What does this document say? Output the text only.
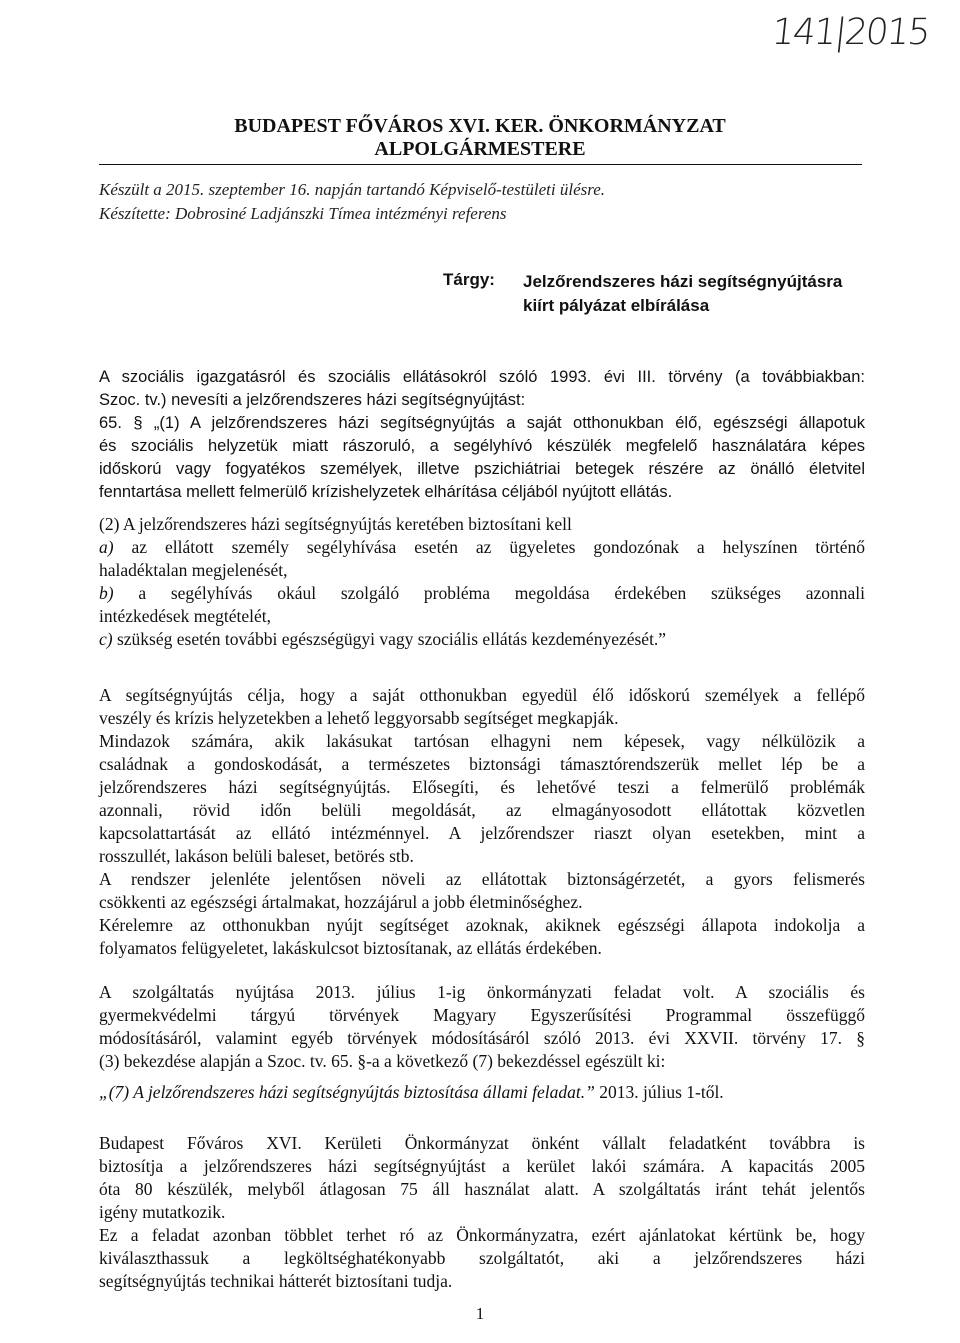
141|2015
BUDAPEST FŐVÁROS XVI. KER. ÖNKORMÁNYZAT
ALPOLGÁRMESTERE
Készült a 2015. szeptember 16. napján tartandó Képviselő-testületi ülésre.
Készítette: Dobrosiné Ladjánszki Tímea intézményi referens
Tárgy: Jelzőrendszeres házi segítségnyújtásra
kiírt pályázat elbírálása
A szociális igazgatásról és szociális ellátásokról szóló 1993. évi III. törvény (a továbbiakban:
Szoc. tv.) nevesíti a jelzőrendszeres házi segítségnyújtást:
65. § „(1) A jelzőrendszeres házi segítségnyújtás a saját otthonukban élő, egészségi állapotuk
és szociális helyzetük miatt rászoruló, a segélyhívó készülék megfelelő használatára képes
időskorú vagy fogyatékos személyek, illetve pszichiátriai betegek részére az önálló életvitel
fenntartása mellett felmerülő krízishelyzetek elhárítása céljából nyújtott ellátás.
(2) A jelzőrendszeres házi segítségnyújtás keretében biztosítani kell
a) az ellátott személy segélyhívása esetén az ügyeletes gondozónak a helyszínen történő
haladéktalan megjelenését,
b) a segélyhívás okául szolgáló probléma megoldása érdekében szükséges azonnali
intézkedések megtételét,
c) szükség esetén további egészségügyi vagy szociális ellátás kezdeményezését.”
A segítségnyújtás célja, hogy a saját otthonukban egyedül élő időskorú személyek a fellépő
veszély és krízis helyzetekben a lehető leggyorsabb segítséget megkapják.
Mindazok számára, akik lakásukat tartósan elhagyni nem képesek, vagy nélkülözik a
családnak a gondoskodását, a természetes biztonsági támasztórendszerük mellet lép be a
jelzőrendszeres házi segítségnyújtás. Elősegíti, és lehetővé teszi a felmerülő problémák
azonnali, rövid időn belüli megoldását, az elmagányosodott ellátottak közvetlen
kapcsolattartását az ellátó intézménnyel. A jelzőrendszer riaszt olyan esetekben, mint a
rosszullét, lakáson belüli baleset, betörés stb.
A rendszer jelenléte jelentősen növeli az ellátottak biztonságérzetét, a gyors felismerés
csökkenti az egészségi ártalmakat, hozzájárul a jobb életminőséghez.
Kérelemre az otthonukban nyújt segítséget azoknak, akiknek egészségi állapota indokolja a
folyamatos felügyeletet, lakáskulcsot biztosítanak, az ellátás érdekében.
A szolgáltatás nyújtása 2013. július 1-ig önkormányzati feladat volt. A szociális és
gyermekvédelmi tárgyú törvények Magyary Egyszerűsítési Programmal összefüggő
módosításáról, valamint egyéb törvények módosításáról szóló 2013. évi XXVII. törvény 17. §
(3) bekezdése alapján a Szoc. tv. 65. §-a a következő (7) bekezdéssel egészült ki:
„(7) A jelzőrendszeres házi segítségnyújtás biztosítása állami feladat.” 2013. július 1-től.
Budapest Főváros XVI. Kerületi Önkormányzat önként vállalt feladatként továbbra is
biztosítja a jelzőrendszeres házi segítségnyújtást a kerület lakói számára. A kapacitás 2005
óta 80 készülék, melyből átlagosan 75 áll használat alatt. A szolgáltatás iránt tehát jelentős
igény mutatkozik.
Ez a feladat azonban többlet terhet ró az Önkormányzatra, ezért ajánlatokat kértünk be, hogy
kiválaszthassuk a legköltséghatékonyabb szolgáltatót, aki a jelzőrendszeres házi
segítségnyújtás technikai hátterét biztosítani tudja.
1
